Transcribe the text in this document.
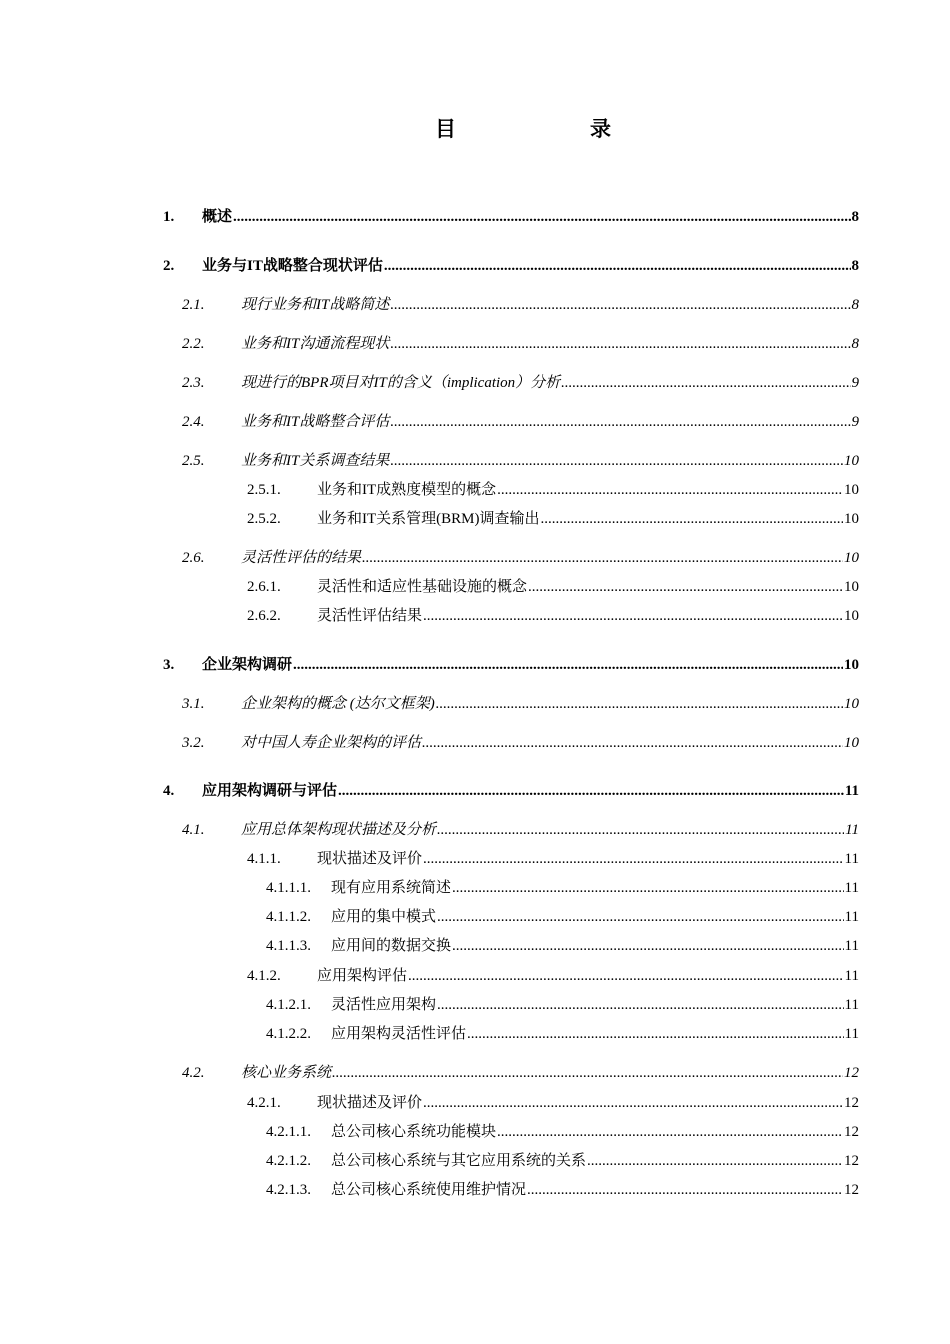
目	录
1.	概述 .....	8
2.	业务与IT战略整合现状评估 .....	8
2.1.	现行业务和IT战略简述 .....	8
2.2.	业务和IT沟通流程现状 .....	8
2.3.	现进行的BPR项目对IT的含义（implication）分析 .....	9
2.4.	业务和IT战略整合评估 .....	9
2.5.	业务和IT关系调查结果 .....	10
2.5.1.	业务和IT成熟度模型的概念 .....	10
2.5.2.	业务和IT关系管理(BRM)调查输出 .....	10
2.6.	灵活性评估的结果 .....	10
2.6.1.	灵活性和适应性基础设施的概念 .....	10
2.6.2.	灵活性评估结果 .....	10
3.	企业架构调研 .....	10
3.1.	企业架构的概念 (达尔文框架) .....	10
3.2.	对中国人寿企业架构的评估 .....	10
4.	应用架构调研与评估 .....	11
4.1.	应用总体架构现状描述及分析 .....	11
4.1.1.	现状描述及评价 .....	11
4.1.1.1.	现有应用系统简述 .....	11
4.1.1.2.	应用的集中模式 .....	11
4.1.1.3.	应用间的数据交换 .....	11
4.1.2.	应用架构评估 .....	11
4.1.2.1.	灵活性应用架构 .....	11
4.1.2.2.	应用架构灵活性评估 .....	11
4.2.	核心业务系统 .....	12
4.2.1.	现状描述及评价 .....	12
4.2.1.1.	总公司核心系统功能模块 .....	12
4.2.1.2.	总公司核心系统与其它应用系统的关系 .....	12
4.2.1.3.	总公司核心系统使用维护情况 .....	12
